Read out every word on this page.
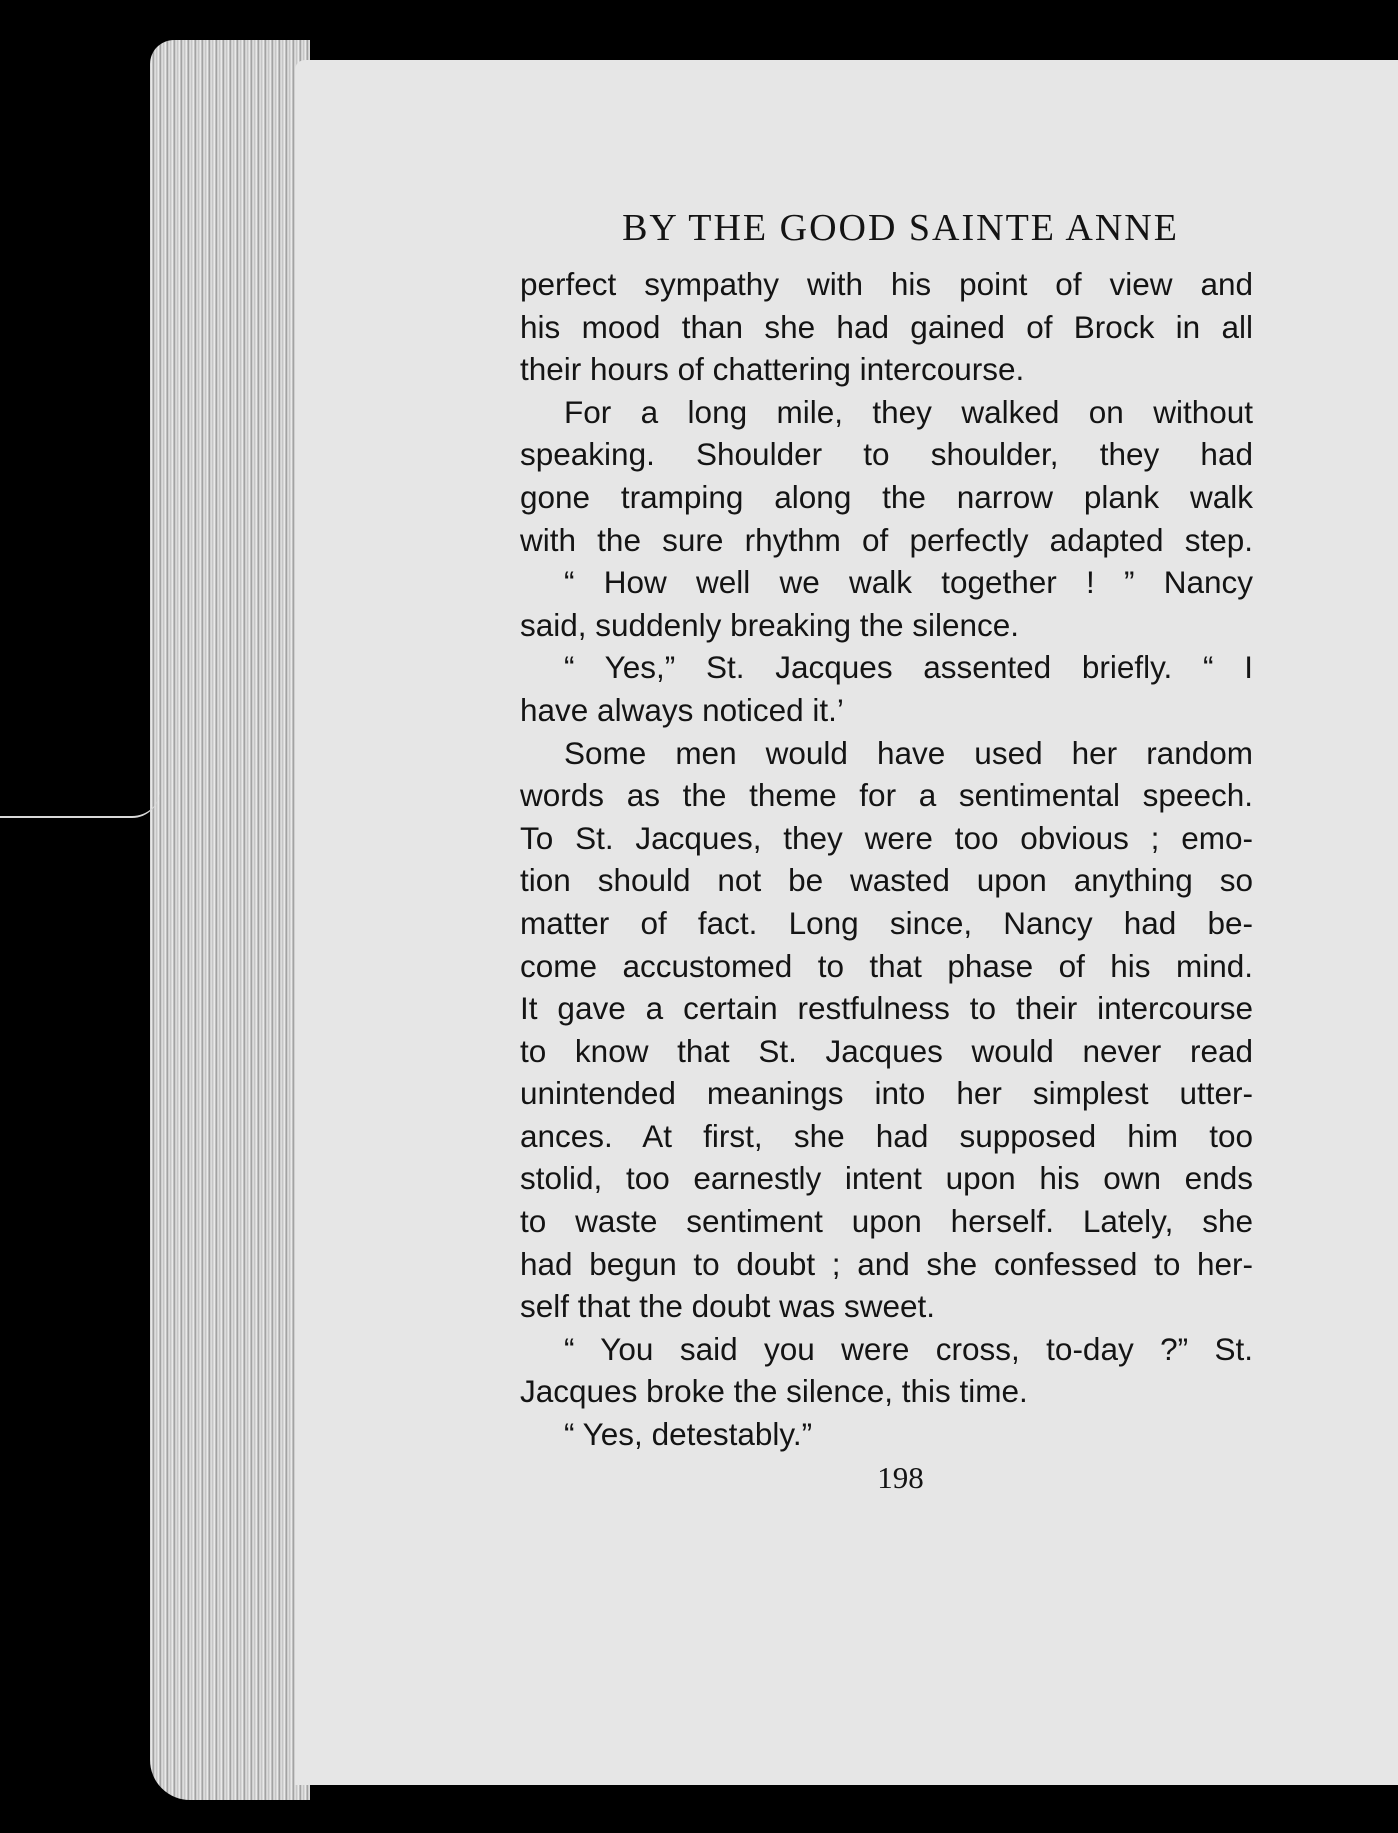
BY THE GOOD SAINTE ANNE
perfect sympathy with his point of view and
his mood than she had gained of Brock in all
their hours of chattering intercourse.
For a long mile, they walked on without
speaking. Shoulder to shoulder, they had
gone tramping along the narrow plank walk
with the sure rhythm of perfectly adapted step.
“ How well we walk together ! ” Nancy
said, suddenly breaking the silence.
“ Yes,” St. Jacques assented briefly. “ I
have always noticed it.’
Some men would have used her random
words as the theme for a sentimental speech.
To St. Jacques, they were too obvious ; emo-
tion should not be wasted upon anything so
matter of fact. Long since, Nancy had be-
come accustomed to that phase of his mind.
It gave a certain restfulness to their intercourse
to know that St. Jacques would never read
unintended meanings into her simplest utter-
ances. At first, she had supposed him too
stolid, too earnestly intent upon his own ends
to waste sentiment upon herself. Lately, she
had begun to doubt ; and she confessed to her-
self that the doubt was sweet.
“ You said you were cross, to-day ?” St.
Jacques broke the silence, this time.
“ Yes, detestably.”
198
